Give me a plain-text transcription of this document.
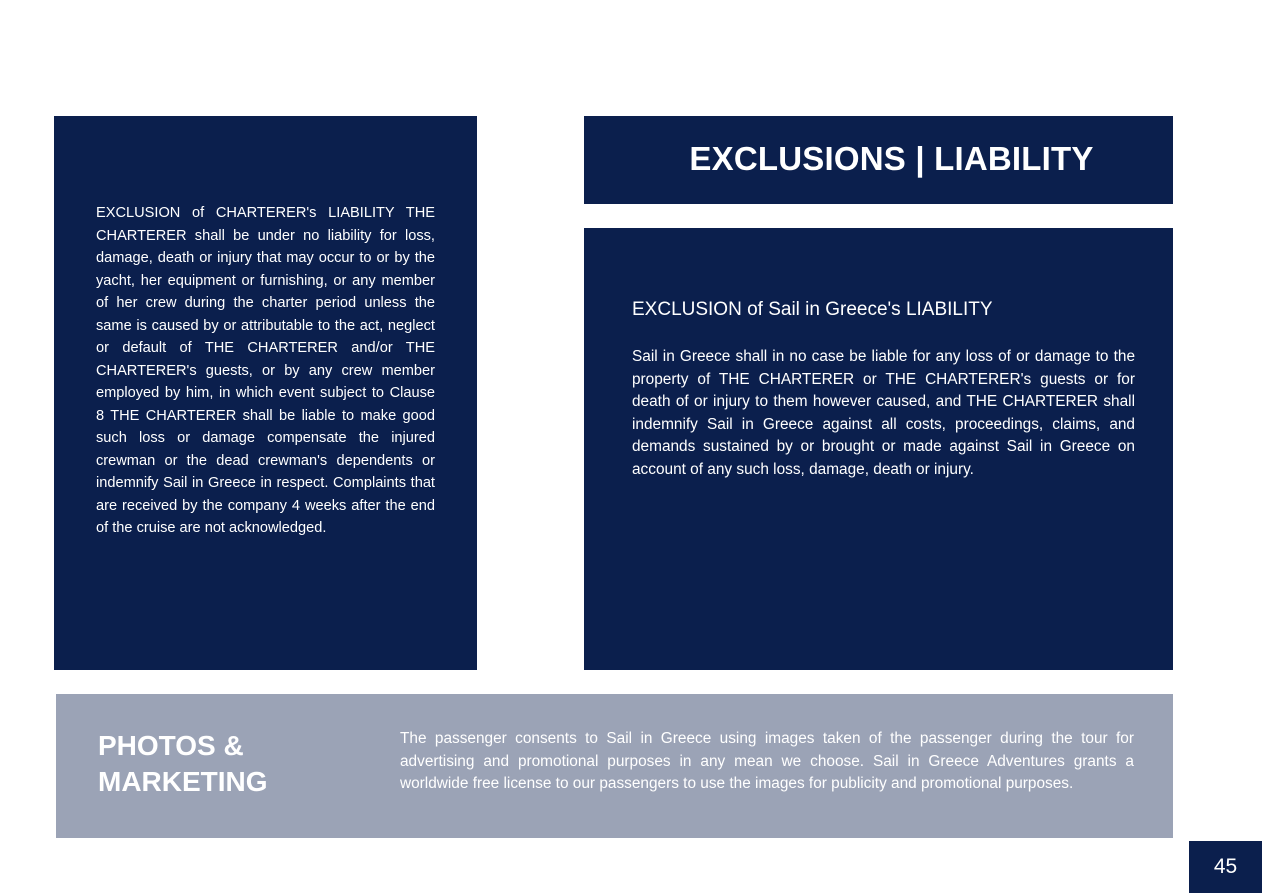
EXCLUSION of CHARTERER's LIABILITY THE CHARTERER shall be under no liability for loss, damage, death or injury that may occur to or by the yacht, her equipment or furnishing, or any member of her crew during the charter period unless the same is caused by or attributable to the act, neglect or default of THE CHARTERER and/or THE CHARTERER's guests, or by any crew member employed by him, in which event subject to Clause 8 THE CHARTERER shall be liable to make good such loss or damage compensate the injured crewman or the dead crewman's dependents or indemnify Sail in Greece in respect. Complaints that are received by the company 4 weeks after the end of the cruise are not acknowledged.

EXCLUSIONS | LIABILITY
EXCLUSION of Sail in Greece's LIABILITY

Sail in Greece shall in no case be liable for any loss of or damage to the property of THE CHARTERER or THE CHARTERER's guests or for death of or injury to them however caused, and THE CHARTERER shall indemnify Sail in Greece against all costs, proceedings, claims, and demands sustained by or brought or made against Sail in Greece on account of any such loss, damage, death or injury.

PHOTOS & MARKETING

The passenger consents to Sail in Greece using images taken of the passenger during the tour for advertising and promotional purposes in any mean we choose. Sail in Greece Adventures grants a worldwide free license to our passengers to use the images for publicity and promotional purposes.

45
